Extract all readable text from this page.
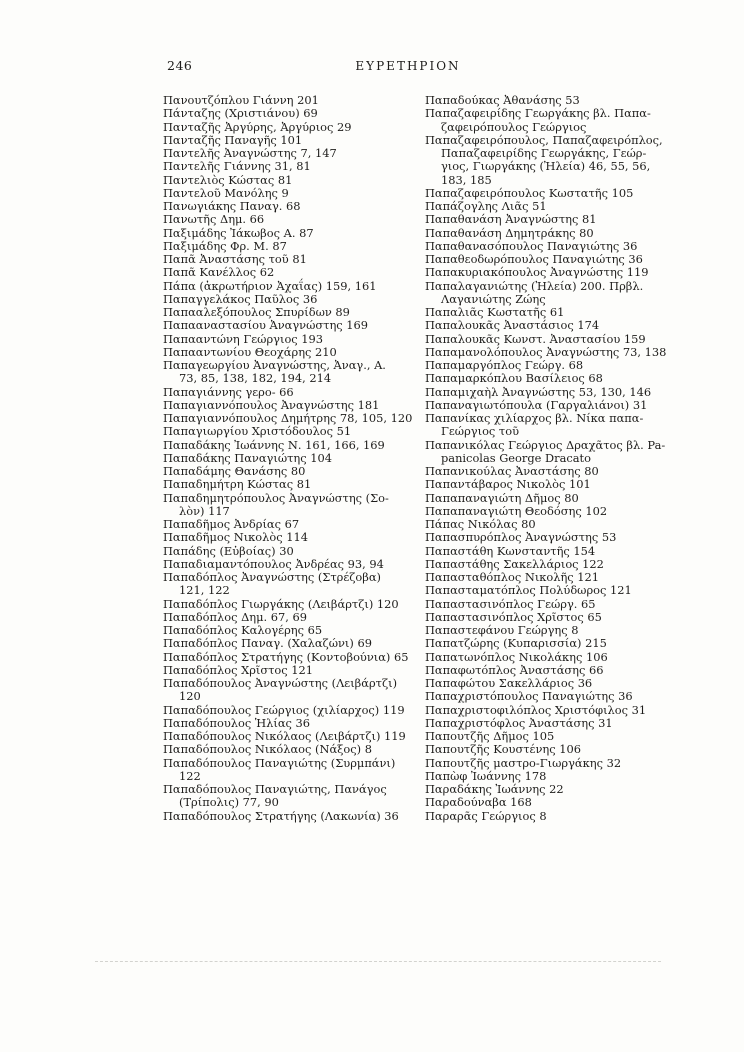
246	ΕΥΡΕΤΗΡΙΟΝ
Πανουτζόπλου Γιάννη 201
Πάνταζης (Χριστιάνου) 69
Πανταζῆς Ἀργύρης, Ἀργύριος 29
Πανταζῆς Παναγῆς 101
Παντελῆς Ἀναγνώστης 7, 147
Παντελῆς Γιάννης 31, 81
Παντελιὸς Κώστας 81
Παντελοῦ Μανόλης 9
Πανωγιάκης Παναγ. 68
Πανωτῆς Δημ. 66
Παξιμάδης Ἰάκωβος Α. 87
Παξιμάδης Φρ. Μ. 87
Παπᾶ Ἀναστάσης τοῦ 81
Παπᾶ Κανέλλος 62
Πάπα (ἀκρωτήριον Ἀχαΐας) 159, 161
Παπαγγελάκος Παῦλος 36
Παπααλεξόπουλος Σπυρίδων 89
Παπααναστασίου Ἀναγνώστης 169
Παπααντώνη Γεώργιος 193
Παπααντωνίου Θεοχάρης 210
Παπαγεωργίου Ἀναγνώστης, Ἀναγ., Α.
73, 85, 138, 182, 194, 214
Παπαγιάννης γερο- 66
Παπαγιαννόπουλος Ἀναγνώστης 181
Παπαγιαννόπουλος Δημήτρης 78, 105, 120
Παπαγιωργίου Χριστόδουλος 51
Παπαδάκης Ἰωάννης Ν. 161, 166, 169
Παπαδάκης Παναγιώτης 104
Παπαδάμης Θανάσης 80
Παπαδημήτρη Κώστας 81
Παπαδημητρόπουλος Ἀναγνώστης (Σο-
λὸν) 117
Παπαδῆμος Ἀνδρίας 67
Παπαδῆμος Νικολὸς 114
Παπάδης (Εὐβοίας) 30
Παπαδιαμαντόπουλος Ἀνδρέας 93, 94
Παπαδόπλος Ἀναγνώστης (Στρέζοβα)
121, 122
Παπαδόπλος Γιωργάκης (Λειβάρτζι) 120
Παπαδόπλος Δημ. 67, 69
Παπαδόπλος Καλογέρης 65
Παπαδόπλος Παναγ. (Χαλαζώνι) 69
Παπαδόπλος Στρατήγης (Κοντοβούνια) 65
Παπαδόπλος Χρῖστος 121
Παπαδόπουλος Ἀναγνώστης (Λειβάρτζι)
120
Παπαδόπουλος Γεώργιος (χιλίαρχος) 119
Παπαδόπουλος Ἡλίας 36
Παπαδόπουλος Νικόλαος (Λειβάρτζι) 119
Παπαδόπουλος Νικόλαος (Νάξος) 8
Παπαδόπουλος Παναγιώτης (Συρμπάνι)
122
Παπαδόπουλος Παναγιώτης, Πανάγος
(Τρίπολις) 77, 90
Παπαδόπουλος Στρατήγης (Λακωνία) 36
Παπαδούκας Ἀθανάσης 53
Παπαζαφειρίδης Γεωργάκης βλ. Παπα-
ζαφειρόπουλος Γεώργιος
Παπαζαφειρόπουλος, Παπαζαφειρόπλος,
Παπαζαφειρίδης Γεωργάκης, Γεώρ-
γιος, Γιωργάκης (Ἠλεία) 46, 55, 56,
183, 185
Παπαζαφειρόπουλος Κωστατῆς 105
Παπάζογλης Λιᾶς 51
Παπαθανάση Ἀναγνώστης 81
Παπαθανάση Δημητράκης 80
Παπαθανασόπουλος Παναγιώτης 36
Παπαθεοδωρόπουλος Παναγιώτης 36
Παπακυριακόπουλος Ἀναγνώστης 119
Παπαλαγανιώτης (Ἠλεία) 200. Πρβλ.
Λαγανιώτης Ζώης
Παπαλιᾶς Κωστατῆς 61
Παπαλουκᾶς Ἀναστάσιος 174
Παπαλουκᾶς Κωνστ. Ἀναστασίου 159
Παπαμανολόπουλος Ἀναγνώστης 73, 138
Παπαμαργόπλος Γεώργ. 68
Παπαμαρκόπλου Βασίλειος 68
Παπαμιχαὴλ Ἀναγνώστης 53, 130, 146
Παπαναγιωτόπουλα (Γαργαλιάνοι) 31
Παπανίκας χιλίαρχος βλ. Νίκα παπα-
Γεώργιος τοῦ
Παπανικόλας Γεώργιος Δραχᾶτος βλ. Pa-
panicolas George Dracato
Παπανικούλας Ἀναστάσης 80
Παπαντάβαρος Νικολὸς 101
Παπαπαναγιώτη Δῆμος 80
Παπαπαναγιώτη Θεοδόσης 102
Πάπας Νικόλας 80
Παπασπυρόπλος Ἀναγνώστης 53
Παπαστάθη Κωνσταντῆς 154
Παπαστάθης Σακελλάριος 122
Παπασταθόπλος Νικολῆς 121
Παπασταματόπλος Πολύδωρος 121
Παπαστασινόπλος Γεώργ. 65
Παπαστασινόπλος Χρῖστος 65
Παπαστεφάνου Γεώργης 8
Παπατζώρης (Κυπαρισσία) 215
Παπατωνόπλος Νικολάκης 106
Παπαφωτόπλος Ἀναστάσης 66
Παπαφώτου Σακελλάριος 36
Παπαχριστόπουλος Παναγιώτης 36
Παπαχριστοφιλόπλος Χριστόφιλος 31
Παπαχριστόφλος Ἀναστάσης 31
Παπουτζῆς Δῆμος 105
Παπουτζῆς Κουστένης 106
Παπουτζῆς μαστρο-Γιωργάκης 32
Παπὼφ Ἰωάννης 178
Παραδάκης Ἰωάννης 22
Παραδούναβα 168
Παραρᾶς Γεώργιος 8
